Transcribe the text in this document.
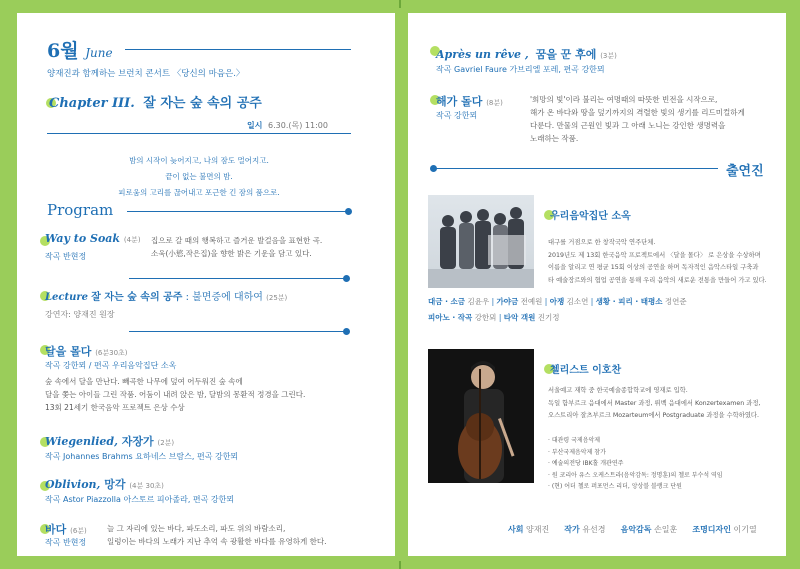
6월 June
양재진과 함께하는 브런치 콘서트 〈당신의 마음은.〉
Chapter III. 잘 자는 숲 속의 공주
일시 6.30.(목) 11:00
밤의 시작이 늦어지고, 나의 잠도 멀어지고.
끝이 없는 불면의 밤.
피로움의 고리를 끊어내고 포근한 긴 잠의 품으로.
Program
Way to Soak (4분)
작곡 반현정
집으로 갈 때의 행복하고 즐거운 발걸음을 표현한 곡.
소욱(小慾,작은집)을 향한 밝은 기운을 담고 있다.
Lecture 잘 자는 숲 속의 공주 : 불면증에 대하여 (25분)
강연자: 양재진 원장
달을 몰다 (6분30초)
작곡 강한뫼 / 편곡 우리음악집단 소옥
숲 속에서 달을 만난다. 빼곡한 나무에 덮여 어두워진 숲 속에
달을 쫓는 아이들 그린 작품. 어둠이 내려 앉은 밤, 달밤의 몽환적 정경을 그린다.
13회 21세기 한국음악 프로젝트 은상 수상
Wiegenlied, 자장가 (2분)
작곡 Johannes Brahms 요하네스 브람스, 편곡 강한뫼
Oblivion, 망각 (4분 30초)
작곡 Astor Piazzolla 아스토르 피아졸라, 편곡 강한뫼
바다 (6분)
작곡 반현정
늘 그 자리에 있는 바다, 파도소리, 파도 위의 바람소리,
일렁이는 바다의 노래가 지난 추억 속 광활한 바다를 유영하게 한다.
Après un rêve , 꿈을 꾼 후에 (3분)
작곡 Gavriel Faure 가브리엘 포레, 편곡 강한뫼
해가 돌다 (8분)
작곡 강한뫼
'희망의 빛'이라 불리는 여명때의 따뜻한 빈전을 시작으로,
해가 온 바다와 땅을 덮기까지의 격렬한 빛의 생기를 리드미컬하게
다룬다. 만물의 근원인 빛과 그 아래 노니는 강인한 생명력을
노래하는 작품.
출연진
우리음악집단 소옥
대구를 거점으로 한 창작국악 연주단체.
2019년도 제 13회 한국음악 프로젝트에서 〈달을 몰다〉 로 은상을 수상하며
이름을 알리고 연 평균 15회 이상의 공연을 하며 독자적인 음악스타일 구축과
타 예술장르와의 협업 공연을 통해 우리 음악의 새로운 전통을 만들어 가고 있다.
대금 · 소금 김윤우 | 가야금 전예원 | 아쟁 김소연 | 생황 · 피리 · 태평소 정연준
피아노 · 작곡 강한뫼 | 타악 객원 진기정
첼리스트 이호찬
서울예고 재학 중 한국예술종합학교에 영재로 입학.
독일 함부르크 음대에서 Master 과정, 뤼벡 음대에서 Konzertexamen 과정,
오스트리아 잘츠부르크 Mozarteum에서 Postgraduate 과정을 수학하였다.
· 대관령 국제음악제
· 부산국제음악제 참가
· 예술의전당 IBK홀 개관연주
· 원 코리아 유스 오케스트라(음악감독: 정명훈)의 첼로 부수석 역임
· (현) 어더 첼로 퍼포먼스 리더, 앙상블 블랭크 단원
사회 양재진 작가 유선경 음악감독 손일훈 조명디자인 이기열
